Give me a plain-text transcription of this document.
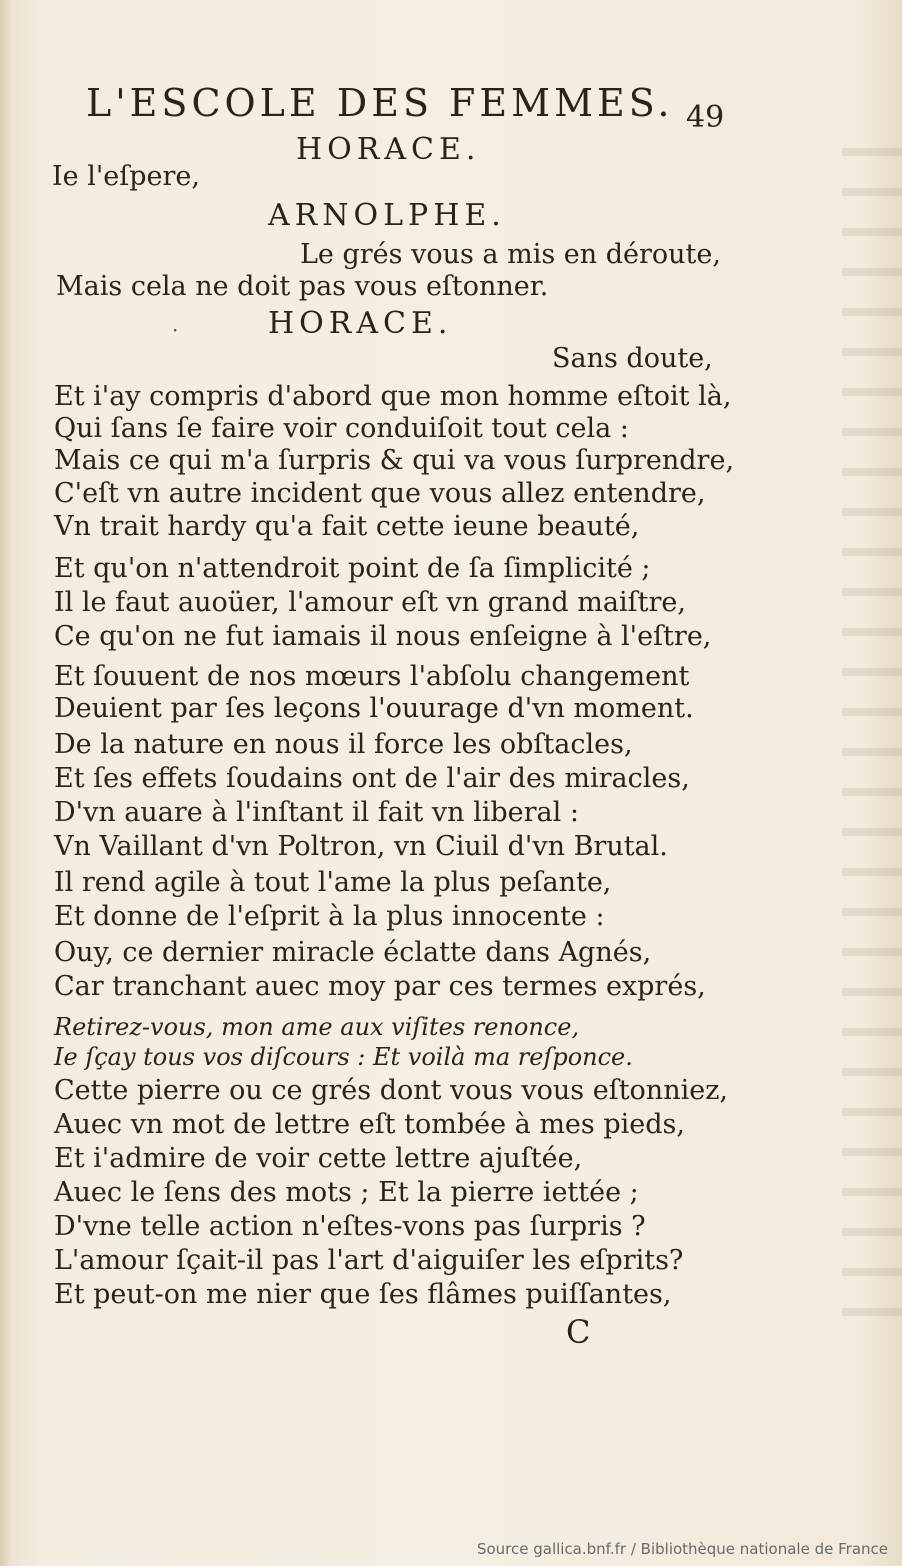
L'ESCOLE DES FEMMES. 49
HORACE.
Ie l'eſpere,
ARNOLPHE.
Le grés vous a mis en déroute,
Mais cela ne doit pas vous eſtonner.
·	HORACE.
Sans doute,
Et i'ay compris d'abord que mon homme eſtoit là,
Qui ſans ſe faire voir conduiſoit tout cela :
Mais ce qui m'a ſurpris & qui va vous ſurprendre,
C'eſt vn autre incident que vous allez entendre,
Vn trait hardy qu'a fait cette ieune beauté,
Et qu'on n'attendroit point de ſa ſimplicité ;
Il le faut auoüer, l'amour eſt vn grand maiſtre,
Ce qu'on ne fut iamais il nous enſeigne à l'eſtre,
Et ſouuent de nos mœurs l'abſolu changement
Deuient par ſes leçons l'ouurage d'vn moment.
De la nature en nous il force les obſtacles,
Et ſes effets ſoudains ont de l'air des miracles,
D'vn auare à l'inſtant il fait vn liberal :
Vn Vaillant d'vn Poltron, vn Ciuil d'vn Brutal.
Il rend agile à tout l'ame la plus peſante,
Et donne de l'eſprit à la plus innocente :
Ouy, ce dernier miracle éclatte dans Agnés,
Car tranchant auec moy par ces termes exprés,
Retirez-vous, mon ame aux viſites renonce,
Ie ſçay tous vos diſcours : Et voilà ma reſponce.
Cette pierre ou ce grés dont vous vous eſtonniez,
Auec vn mot de lettre eſt tombée à mes pieds,
Et i'admire de voir cette lettre ajuſtée,
Auec le ſens des mots ; Et la pierre iettée ;
D'vne telle action n'eſtes-vons pas ſurpris ?
L'amour ſçait-il pas l'art d'aiguiſer les eſprits?
Et peut-on me nier que ſes flâmes puiſſantes,
C
Source gallica.bnf.fr / Bibliothèque nationale de France
